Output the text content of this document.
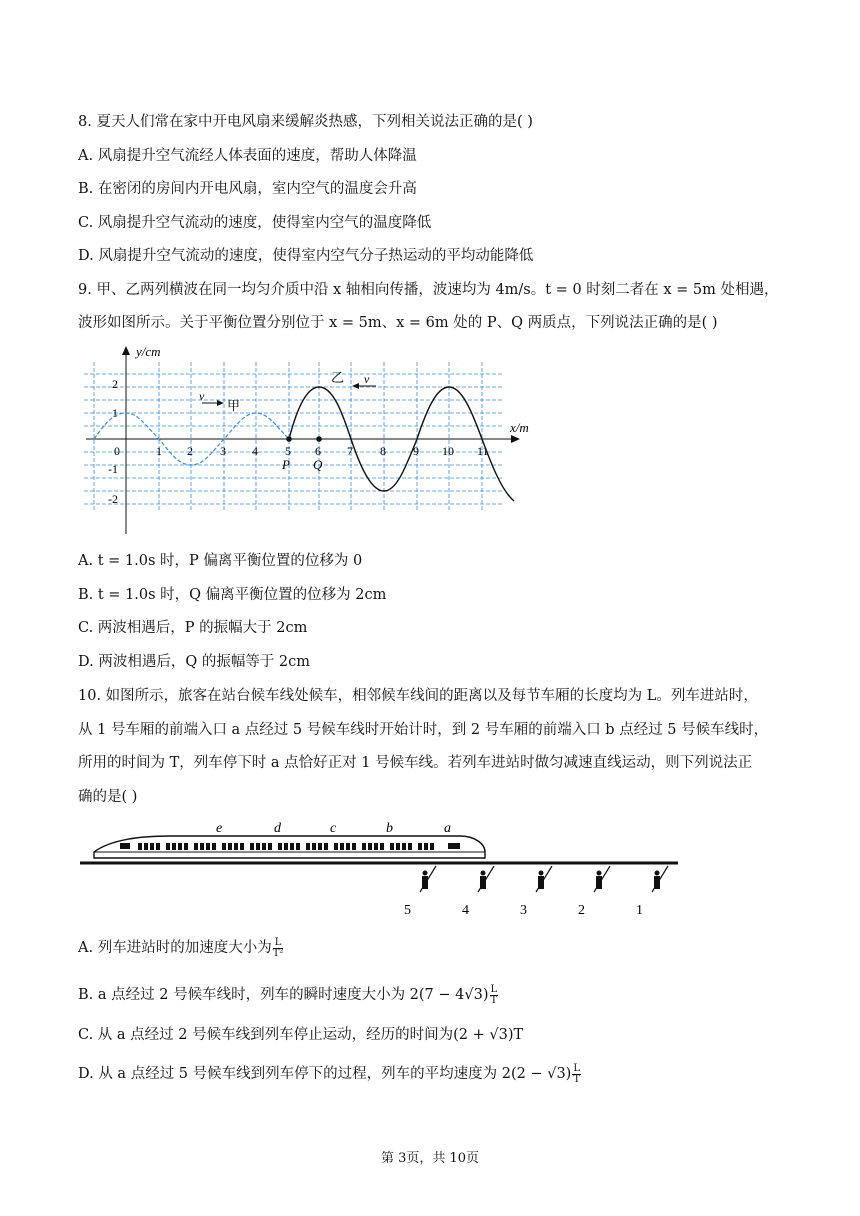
8. 夏天人们常在家中开电风扇来缓解炎热感，下列相关说法正确的是( )
A. 风扇提升空气流经人体表面的速度，帮助人体降温
B. 在密闭的房间内开电风扇，室内空气的温度会升高
C. 风扇提升空气流动的速度，使得室内空气的温度降低
D. 风扇提升空气流动的速度，使得室内空气分子热运动的平均动能降低
9. 甲、乙两列横波在同一均匀介质中沿 x 轴相向传播，波速均为 4m/s。t = 0 时刻二者在 x = 5m 处相遇，
波形如图所示。关于平衡位置分别位于 x = 5m、x = 6m 处的 P、Q 两质点，下列说法正确的是( )
y/cm
x/m
2
1
-1
-2
0	1 2 3 4 5 6 7 8 9 10 11
v
甲
乙 v
P Q
A. t = 1.0s 时，P 偏离平衡位置的位移为 0
B. t = 1.0s 时，Q 偏离平衡位置的位移为 2cm
C. 两波相遇后，P 的振幅大于 2cm
D. 两波相遇后，Q 的振幅等于 2cm
10. 如图所示，旅客在站台候车线处候车，相邻候车线间的距离以及每节车厢的长度均为 L。列车进站时，
从 1 号车厢的前端入口 a 点经过 5 号候车线时开始计时，到 2 号车厢的前端入口 b 点经过 5 号候车线时，
所用的时间为 T，列车停下时 a 点恰好正对 1 号候车线。若列车进站时做匀减速直线运动，则下列说法正
确的是( )
e	d	c	b	a
5	4	3	2	1
A. 列车进站时的加速度大小为 $\frac{L}{\text{T²}}$
B. a 点经过 2 号候车线时，列车的瞬时速度大小为 $2(7 - 4√3) \frac{L}{T}$
C. 从 a 点经过 2 号候车线到列车停止运动，经历的时间为(2 + √3)T
D. 从 a 点经过 5 号候车线到列车停下的过程，列车的平均速度为 $2(2 - √3) \frac{L}{T}$
第 3页，共 10页
